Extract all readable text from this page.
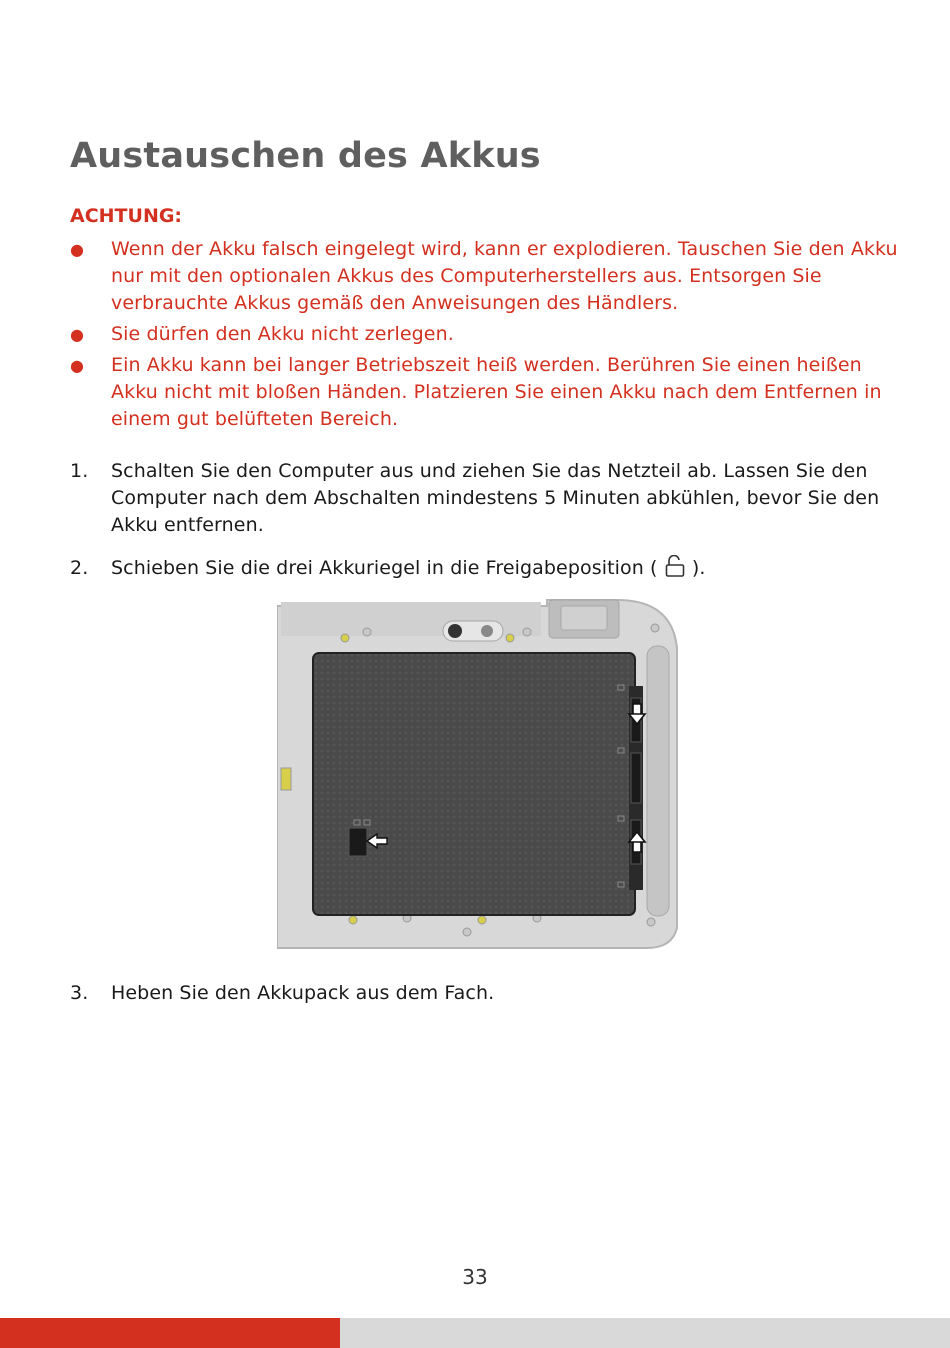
Austauschen des Akkus
ACHTUNG:
● Wenn der Akku falsch eingelegt wird, kann er explodieren. Tauschen Sie den Akku nur mit den optionalen Akkus des Computerherstellers aus. Entsorgen Sie verbrauchte Akkus gemäß den Anweisungen des Händlers.
● Sie dürfen den Akku nicht zerlegen.
● Ein Akku kann bei langer Betriebszeit heiß werden. Berühren Sie einen heißen Akku nicht mit bloßen Händen. Platzieren Sie einen Akku nach dem Entfernen in einem gut belüfteten Bereich.
1. Schalten Sie den Computer aus und ziehen Sie das Netzteil ab. Lassen Sie den Computer nach dem Abschalten mindestens 5 Minuten abkühlen, bevor Sie den Akku entfernen.
2. Schieben Sie die drei Akkuriegel in die Freigabeposition ( ).
3. Heben Sie den Akkupack aus dem Fach.
33
